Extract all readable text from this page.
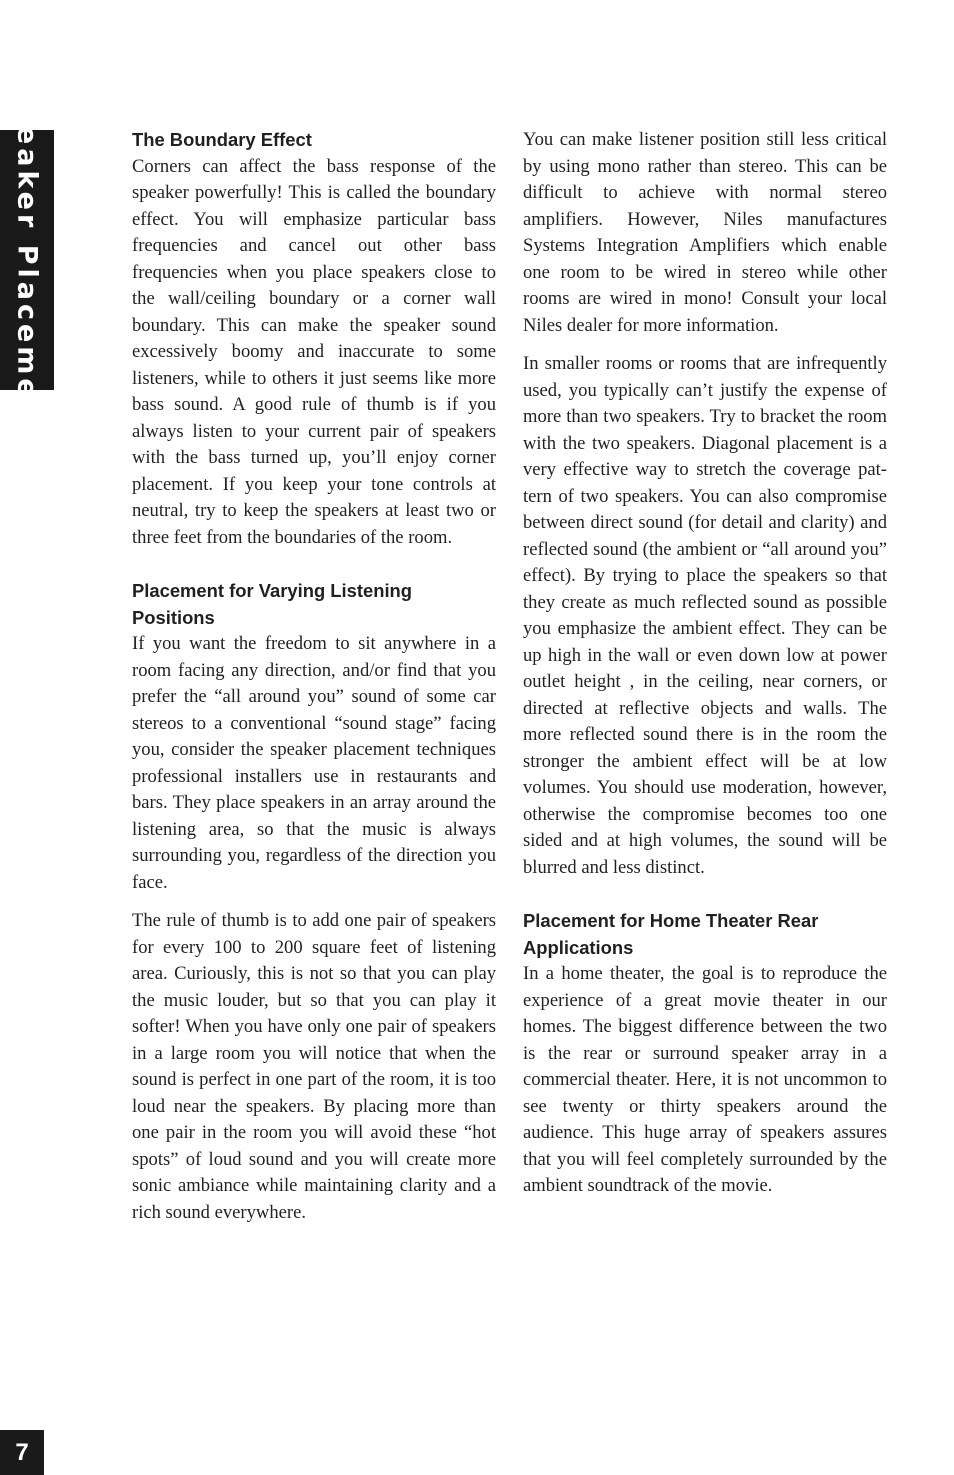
Speaker Placement	The Boundary Effect

Corners can affect the bass response of the speaker powerfully! This is called the boundary effect. You will emphasize particular bass frequencies and cancel out other bass frequencies when you place speakers close to the wall/ceiling boundary or a corner wall boundary. This can make the speaker sound excessively boomy and inaccurate to some listeners, while to others it just seems like more bass sound. A good rule of thumb is if you always listen to your current pair of speakers with the bass turned up, you’ll enjoy corner placement. If you keep your tone controls at neutral, try to keep the speakers at least two or three feet from the boundaries of the room.

Placement for Varying Listening Positions

If you want the freedom to sit anywhere in a room facing any direction, and/or find that you prefer the “all around you” sound of some car stereos to a conventional “sound stage” facing you, consider the speaker placement techniques professional installers use in restaurants and bars. They place speakers in an array around the listening area, so that the music is always surrounding you, regardless of the direction you face.

The rule of thumb is to add one pair of speakers for every 100 to 200 square feet of listening area. Curiously, this is not so that you can play the music louder, but so that you can play it softer! When you have only one pair of speakers in a large room you will notice that when the sound is perfect in one part of the room, it is too loud near the speakers. By placing more than one pair in the room you will avoid these “hot spots” of loud sound and you will create more sonic ambiance while maintaining clarity and a rich sound everywhere.

You can make listener position still less critical by using mono rather than stereo. This can be difficult to achieve with normal stereo amplifiers. However, Niles manufactures Systems Integration Amplifiers which enable one room to be wired in stereo while other rooms are wired in mono! Consult your local Niles dealer for more information.

In smaller rooms or rooms that are infrequently used, you typically can’t justify the expense of more than two speakers. Try to bracket the room with the two speakers. Diagonal placement is a very effective way to stretch the coverage pattern of two speakers. You can also compromise between direct sound (for detail and clarity) and reflected sound (the ambient or “all around you” effect). By trying to place the speakers so that they create as much reflected sound as possible you emphasize the ambient effect. They can be up high in the wall or even down low at power outlet height , in the ceiling, near corners, or directed at reflective objects and walls. The more reflected sound there is in the room the stronger the ambient effect will be at low volumes. You should use moderation, however, otherwise the compromise becomes too one sided and at high volumes, the sound will be blurred and less distinct.

Placement for Home Theater Rear Applications

In a home theater, the goal is to reproduce the experience of a great movie theater in our homes. The biggest difference between the two is the rear or surround speaker array in a commercial theater. Here, it is not uncommon to see twenty or thirty speakers around the audience. This huge array of speakers assures that you will feel completely surrounded by the ambient soundtrack of the movie.

7
